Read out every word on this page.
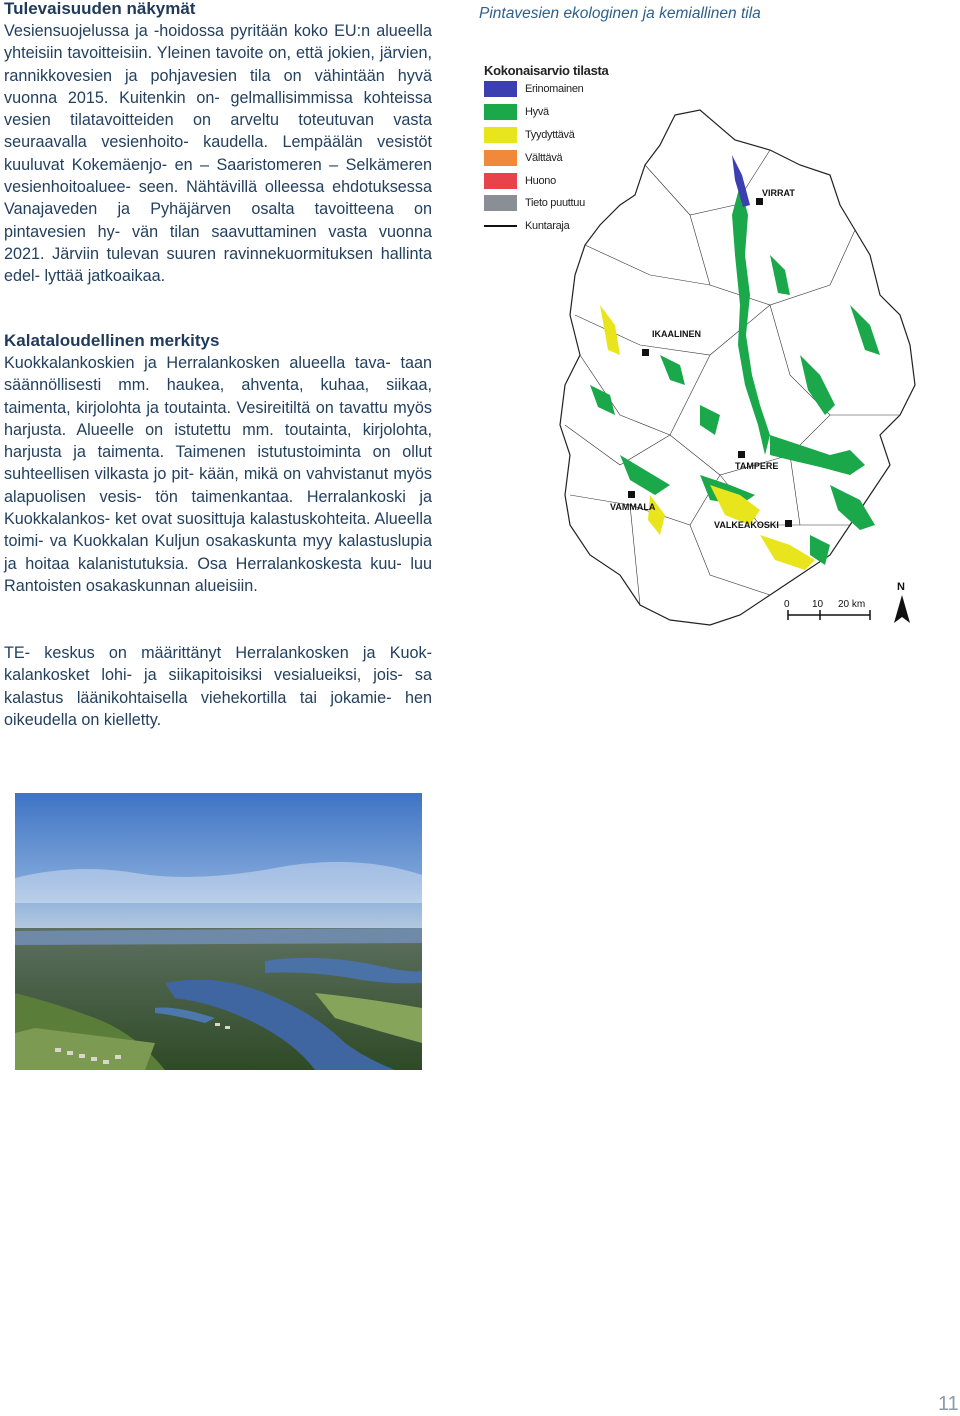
Tulevaisuuden näkymät

Vesiensuojelussa ja -hoidossa pyritään koko EU:n alueella yhteisiin tavoitteisiin. Yleinen tavoite on, että jokien, järvien, rannikkovesien ja pohjavesien tila on vähintään hyvä vuonna 2015. Kuitenkin on- gelmallisimmissa kohteissa vesien tilatavoitteiden on arveltu toteutuvan vasta seuraavalla vesienhoito- kaudella. Lempäälän vesistöt kuuluvat Kokemäenjo- en – Saaristomeren – Selkämeren vesienhoitoaluee- seen. Nähtävillä olleessa ehdotuksessa Vanajaveden ja Pyhäjärven osalta tavoitteena on pintavesien hy- vän tilan saavuttaminen vasta vuonna 2021. Järviin tulevan suuren ravinnekuormituksen hallinta edel- lyttää jatkoaikaa.

Kalataloudellinen merkitys

Kuokkalankoskien ja Herralankosken alueella tava- taan säännöllisesti mm. haukea, ahventa, kuhaa, siikaa, taimenta, kirjolohta ja toutainta. Vesireitiltä on tavattu myös harjusta. Alueelle on istutettu mm. toutainta, kirjolohta, harjusta ja taimenta. Taimenen istutustoiminta on ollut suhteellisen vilkasta jo pit- kään, mikä on vahvistanut myös alapuolisen vesis- tön taimenkantaa. Herralankoski ja Kuokkalankos- ket ovat suosittuja kalastuskohteita. Alueella toimi- va Kuokkalan Kuljun osakaskunta myy kalastuslupia ja hoitaa kalanistutuksia. Osa Herralankoskesta kuu- luu Rantoisten osakaskunnan alueisiin.

TE- keskus on määrittänyt Herralankosken ja Kuok- kalankosket lohi- ja siikapitoisiksi vesialueiksi, jois- sa kalastus läänikohtaisella viehekortilla tai jokamie- hen oikeudella on kielletty.

Pintavesien ekologinen ja kemiallinen tila
VIRRAT
IKAALINEN
TAMPERE
VAMMALA
VALKEAKOSKI
0 10 20 km
N
Kokonaisarvio tilasta
Erinomainen
Hyvä
Tyydyttävä
Välttävä
Huono
Tieto puuttuu
Kuntaraja
11
